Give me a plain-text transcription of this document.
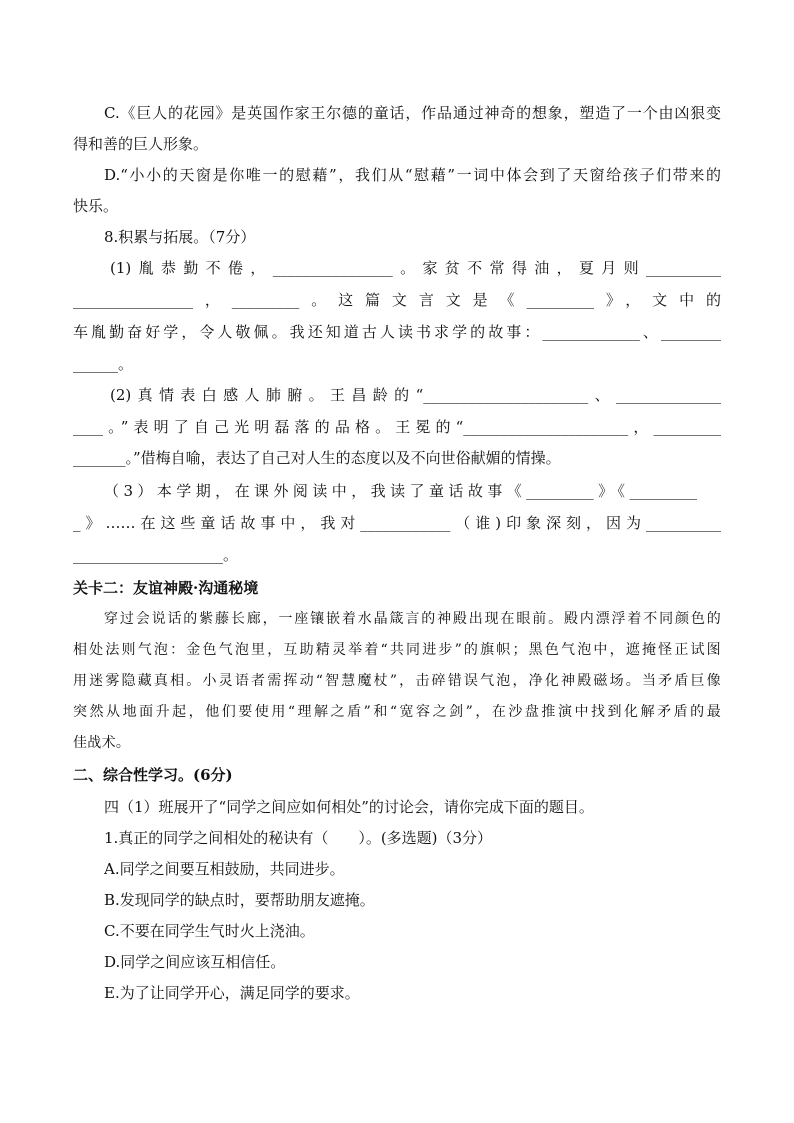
C.《巨人的花园》是英国作家王尔德的童话，作品通过神奇的想象，塑造了一个由凶狠变
得和善的巨人形象。
D.“小小的天窗是你唯一的慰藉”，我们从“慰藉”一词中体会到了天窗给孩子们带来的
快乐。
8.积累与拓展。（7分）
(1)胤恭勤不倦，________________。家贫不常得油，夏月则__________
________________，_________。这篇文言文是《_________》，文中的
车胤勤奋好学，令人敬佩。我还知道古人读书求学的故事：_____________、________
______。
(2)真情表白感人肺腑。王昌龄的“______________________、______________
____。”表明了自己光明磊落的品格。王冕的“______________________，_________
_______。”借梅自喻，表达了自己对人生的态度以及不向世俗献媚的情操。
（3）本学期，在课外阅读中，我读了童话故事《_________》《_________
_》……在这些童话故事中，我对____________（谁)印象深刻，因为__________
____________________。
关卡二：友谊神殿·沟通秘境
穿过会说话的紫藤长廊，一座镶嵌着水晶箴言的神殿出现在眼前。殿内漂浮着不同颜色的
相处法则气泡：金色气泡里，互助精灵举着“共同进步”的旗帜；黑色气泡中，遮掩怪正试图
用迷雾隐藏真相。小灵语者需挥动“智慧魔杖”，击碎错误气泡，净化神殿磁场。当矛盾巨像
突然从地面升起，他们要使用“理解之盾”和“宽容之剑”，在沙盘推演中找到化解矛盾的最
佳战术。
二、综合性学习。(6分)
四（1）班展开了“同学之间应如何相处”的讨论会，请你完成下面的题目。
1.真正的同学之间相处的秘诀有（　　）。(多选题)（3分）
A.同学之间要互相鼓励，共同进步。
B.发现同学的缺点时，要帮助朋友遮掩。
C.不要在同学生气时火上浇油。
D.同学之间应该互相信任。
E.为了让同学开心，满足同学的要求。
